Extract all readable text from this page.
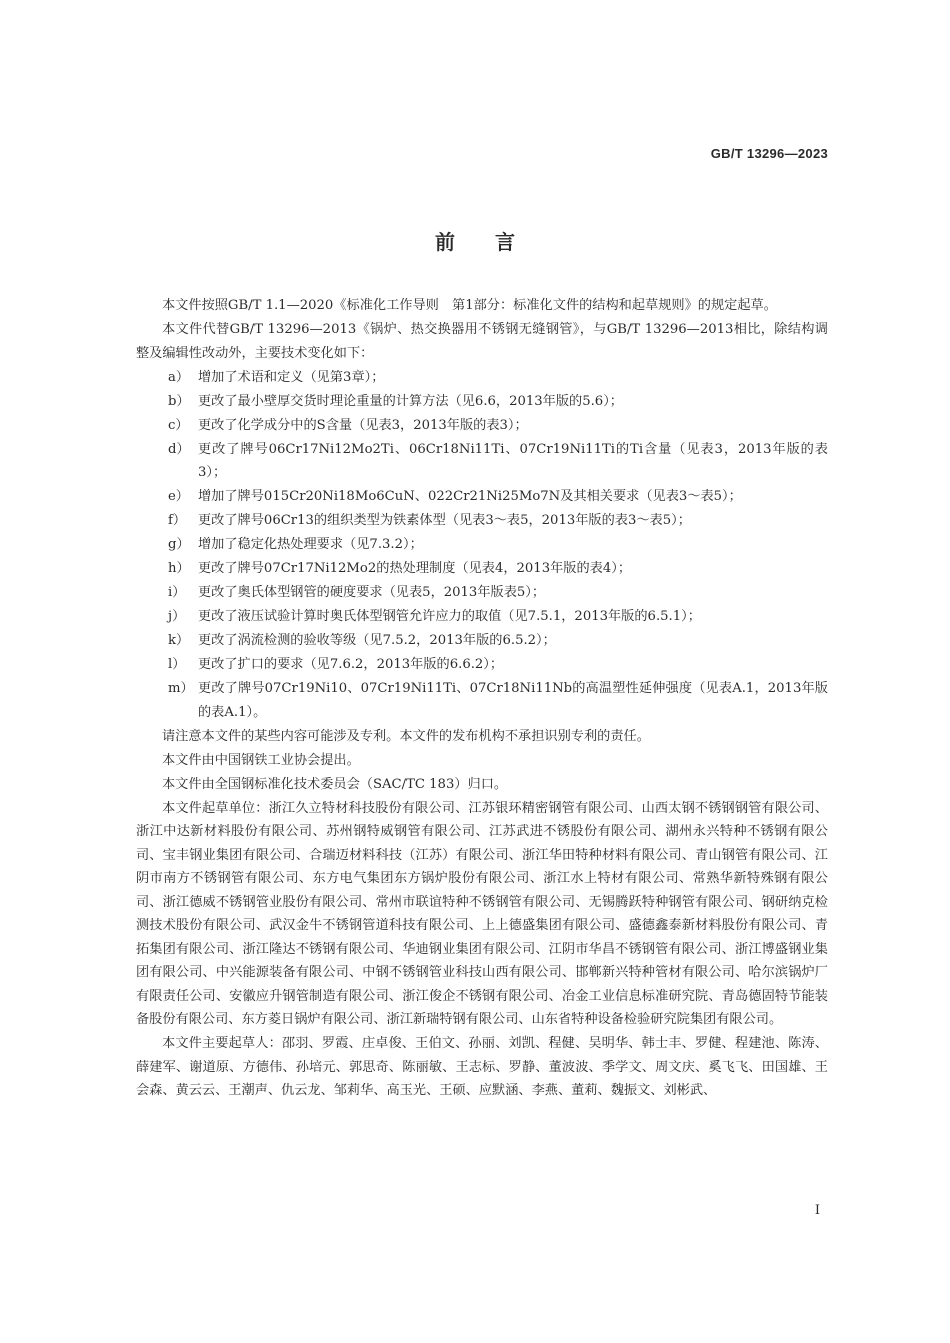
GB/T 13296—2023
前言

本文件按照GB/T 1.1—2020《标准化工作导则　第1部分：标准化文件的结构和起草规则》的规定起草。

本文件代替GB/T 13296—2013《锅炉、热交换器用不锈钢无缝钢管》，与GB/T 13296—2013相比，除结构调整及编辑性改动外，主要技术变化如下：

a） 增加了术语和定义（见第3章）；
b） 更改了最小壁厚交货时理论重量的计算方法（见6.6，2013年版的5.6）；
c） 更改了化学成分中的S含量（见表3，2013年版的表3）；
d） 更改了牌号06Cr17Ni12Mo2Ti、06Cr18Ni11Ti、07Cr19Ni11Ti的Ti含量（见表3，2013年版的表3）；
e） 增加了牌号015Cr20Ni18Mo6CuN、022Cr21Ni25Mo7N及其相关要求（见表3～表5）；
f） 更改了牌号06Cr13的组织类型为铁素体型（见表3～表5，2013年版的表3～表5）；
g） 增加了稳定化热处理要求（见7.3.2）；
h） 更改了牌号07Cr17Ni12Mo2的热处理制度（见表4，2013年版的表4）；
i） 更改了奥氏体型钢管的硬度要求（见表5，2013年版表5）；
j） 更改了液压试验计算时奥氏体型钢管允许应力的取值（见7.5.1，2013年版的6.5.1）；
k） 更改了涡流检测的验收等级（见7.5.2，2013年版的6.5.2）；
l） 更改了扩口的要求（见7.6.2，2013年版的6.6.2）；
m） 更改了牌号07Cr19Ni10、07Cr19Ni11Ti、07Cr18Ni11Nb的高温塑性延伸强度（见表A.1，2013年版的表A.1）。

请注意本文件的某些内容可能涉及专利。本文件的发布机构不承担识别专利的责任。

本文件由中国钢铁工业协会提出。

本文件由全国钢标准化技术委员会（SAC/TC 183）归口。

本文件起草单位：浙江久立特材科技股份有限公司、江苏银环精密钢管有限公司、山西太钢不锈钢钢管有限公司、浙江中达新材料股份有限公司、苏州钢特威钢管有限公司、江苏武进不锈股份有限公司、湖州永兴特种不锈钢有限公司、宝丰钢业集团有限公司、合瑞迈材料科技（江苏）有限公司、浙江华田特种材料有限公司、青山钢管有限公司、江阴市南方不锈钢管有限公司、东方电气集团东方锅炉股份有限公司、浙江水上特材有限公司、常熟华新特殊钢有限公司、浙江德威不锈钢管业股份有限公司、常州市联谊特种不锈钢管有限公司、无锡腾跃特种钢管有限公司、钢研纳克检测技术股份有限公司、武汉金牛不锈钢管道科技有限公司、上上德盛集团有限公司、盛德鑫泰新材料股份有限公司、青拓集团有限公司、浙江隆达不锈钢有限公司、华迪钢业集团有限公司、江阴市华昌不锈钢管有限公司、浙江博盛钢业集团有限公司、中兴能源装备有限公司、中钢不锈钢管业科技山西有限公司、邯郸新兴特种管材有限公司、哈尔滨锅炉厂有限责任公司、安徽应升钢管制造有限公司、浙江俊企不锈钢有限公司、冶金工业信息标准研究院、青岛德固特节能装备股份有限公司、东方菱日锅炉有限公司、浙江新瑞特钢有限公司、山东省特种设备检验研究院集团有限公司。

本文件主要起草人：邵羽、罗霞、庄卓俊、王伯文、孙丽、刘凯、程健、吴明华、韩士丰、罗健、程建池、陈涛、薛建军、谢道原、方德伟、孙培元、郭思奇、陈丽敏、王志标、罗静、董波波、季学文、周文庆、奚飞飞、田国雄、王会森、黄云云、王潮声、仇云龙、邹莉华、高玉光、王硕、应默涵、李燕、董莉、魏振文、刘彬武、

I
